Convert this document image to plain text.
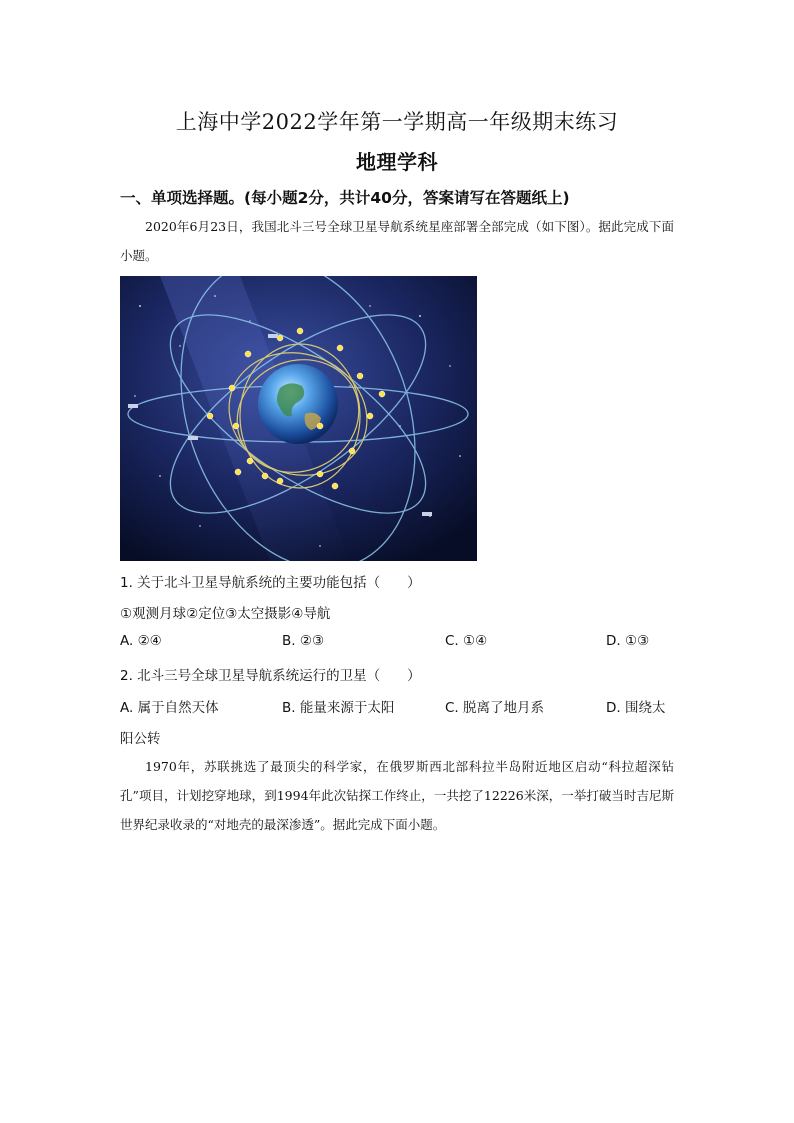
上海中学2022学年第一学期高一年级期末练习
地理学科
一、单项选择题。(每小题2分，共计40分，答案请写在答题纸上)
2020年6月23日，我国北斗三号全球卫星导航系统星座部署全部完成（如下图）。据此完成下面小题。
1. 关于北斗卫星导航系统的主要功能包括（　　）
①观测月球②定位③太空摄影④导航
A. ②④	B. ②③	C. ①④	D. ①③
2. 北斗三号全球卫星导航系统运行的卫星（　　）
A. 属于自然天体	B. 能量来源于太阳	C. 脱离了地月系	D. 围绕太
阳公转
1970年，苏联挑选了最顶尖的科学家，在俄罗斯西北部科拉半岛附近地区启动“科拉超深钻孔”项目，计划挖穿地球，到1994年此次钻探工作终止，一共挖了12226米深，一举打破当时吉尼斯世界纪录收录的“对地壳的最深渗透”。据此完成下面小题。
